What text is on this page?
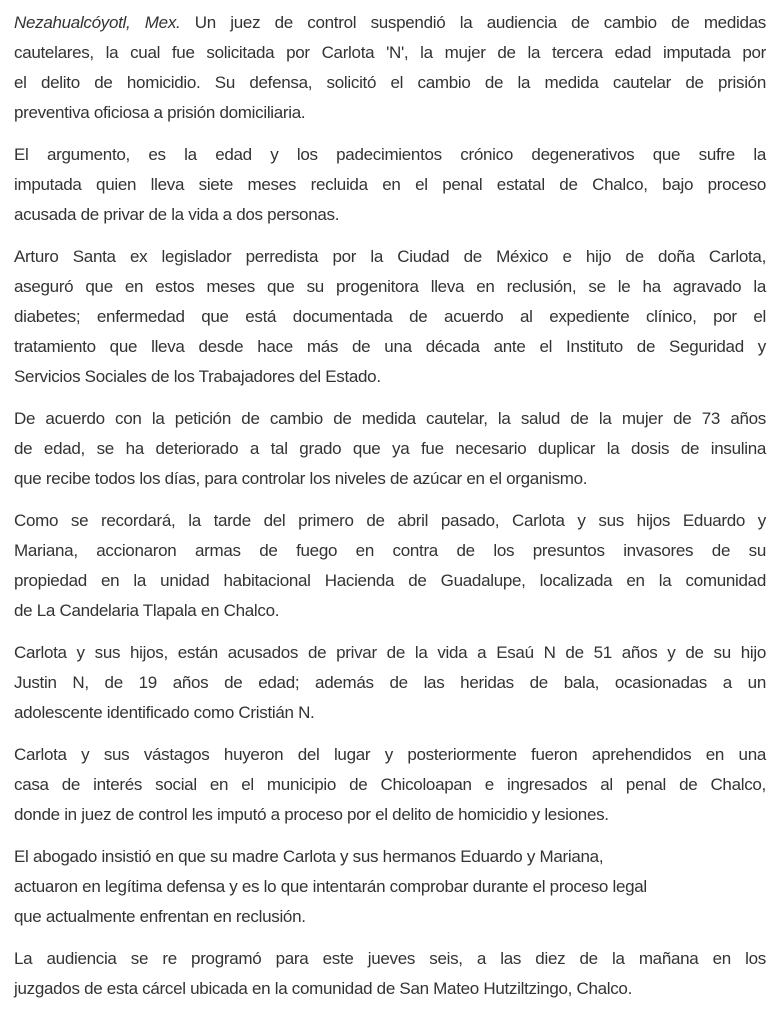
Nezahualcóyotl, Mex. Un juez de control suspendió la audiencia de cambio de medidas
cautelares, la cual fue solicitada por Carlota 'N', la mujer de la tercera edad imputada por
el delito de homicidio. Su defensa, solicitó el cambio de la medida cautelar de prisión
preventiva oficiosa a prisión domiciliaria.
El argumento, es la edad y los padecimientos crónico degenerativos que sufre la
imputada quien lleva siete meses recluida en el penal estatal de Chalco, bajo proceso
acusada de privar de la vida a dos personas.
Arturo Santa ex legislador perredista por la Ciudad de México e hijo de doña Carlota,
aseguró que en estos meses que su progenitora lleva en reclusión, se le ha agravado la
diabetes; enfermedad que está documentada de acuerdo al expediente clínico, por el
tratamiento que lleva desde hace más de una década ante el Instituto de Seguridad y
Servicios Sociales de los Trabajadores del Estado.
De acuerdo con la petición de cambio de medida cautelar, la salud de la mujer de 73 años
de edad, se ha deteriorado a tal grado que ya fue necesario duplicar la dosis de insulina
que recibe todos los días, para controlar los niveles de azúcar en el organismo.
Como se recordará, la tarde del primero de abril pasado, Carlota y sus hijos Eduardo y
Mariana, accionaron armas de fuego en contra de los presuntos invasores de su
propiedad en la unidad habitacional Hacienda de Guadalupe, localizada en la comunidad
de La Candelaria Tlapala en Chalco.
Carlota y sus hijos, están acusados de privar de la vida a Esaú N de 51 años y de su hijo
Justin N, de 19 años de edad; además de las heridas de bala, ocasionadas a un
adolescente identificado como Cristián N.
Carlota y sus vástagos huyeron del lugar y posteriormente fueron aprehendidos en una
casa de interés social en el municipio de Chicoloapan e ingresados al penal de Chalco,
donde in juez de control les imputó a proceso por el delito de homicidio y lesiones.
El abogado insistió en que su madre Carlota y sus hermanos Eduardo y Mariana,
actuaron en legítima defensa y es lo que intentarán comprobar durante el proceso legal
que actualmente enfrentan en reclusión.
La audiencia se re programó para este jueves seis, a las diez de la mañana en los
juzgados de esta cárcel ubicada en la comunidad de San Mateo Hutziltzingo, Chalco.
